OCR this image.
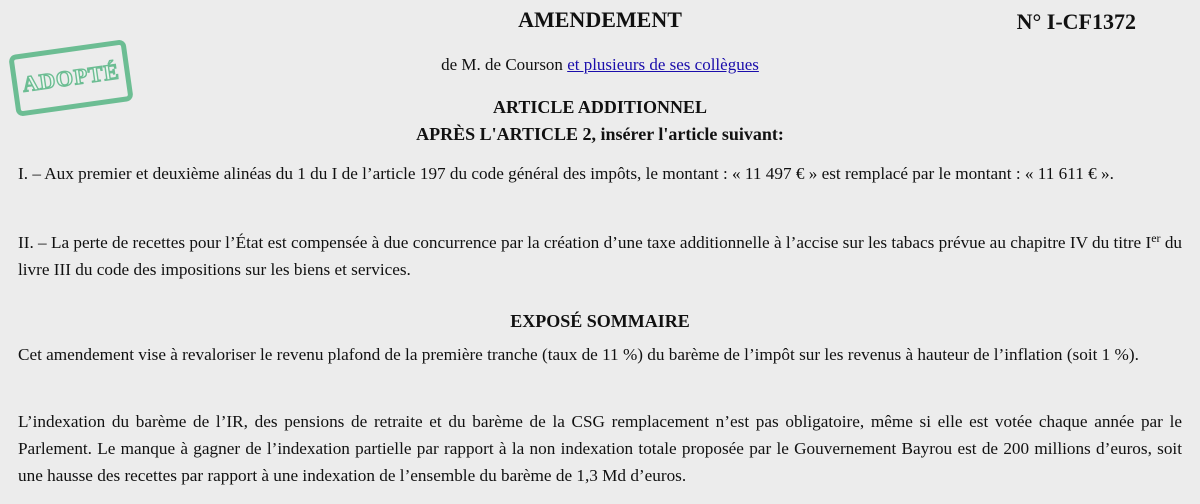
ADOPTÉ
AMENDEMENT	N° I-CF1372
de M. de Courson et plusieurs de ses collègues
ARTICLE ADDITIONNEL
APRÈS L'ARTICLE 2, insérer l'article suivant:

I. – Aux premier et deuxième alinéas du 1 du I de l’article 197 du code général des impôts, le montant : « 11 497 € » est remplacé par le montant : « 11 611 € ».

II. – La perte de recettes pour l’État est compensée à due concurrence par la création d’une taxe additionnelle à l’accise sur les tabacs prévue au chapitre IV du titre Ier du livre III du code des impositions sur les biens et services.

EXPOSÉ SOMMAIRE

Cet amendement vise à revaloriser le revenu plafond de la première tranche (taux de 11 %) du barème de l’impôt sur les revenus à hauteur de l’inflation (soit 1 %).

L’indexation du barème de l’IR, des pensions de retraite et du barème de la CSG remplacement n’est pas obligatoire, même si elle est votée chaque année par le Parlement. Le manque à gagner de l’indexation partielle par rapport à la non indexation totale proposée par le Gouvernement Bayrou est de 200 millions d’euros, soit une hausse des recettes par rapport à une indexation de l’ensemble du barème de 1,3 Md d’euros.
